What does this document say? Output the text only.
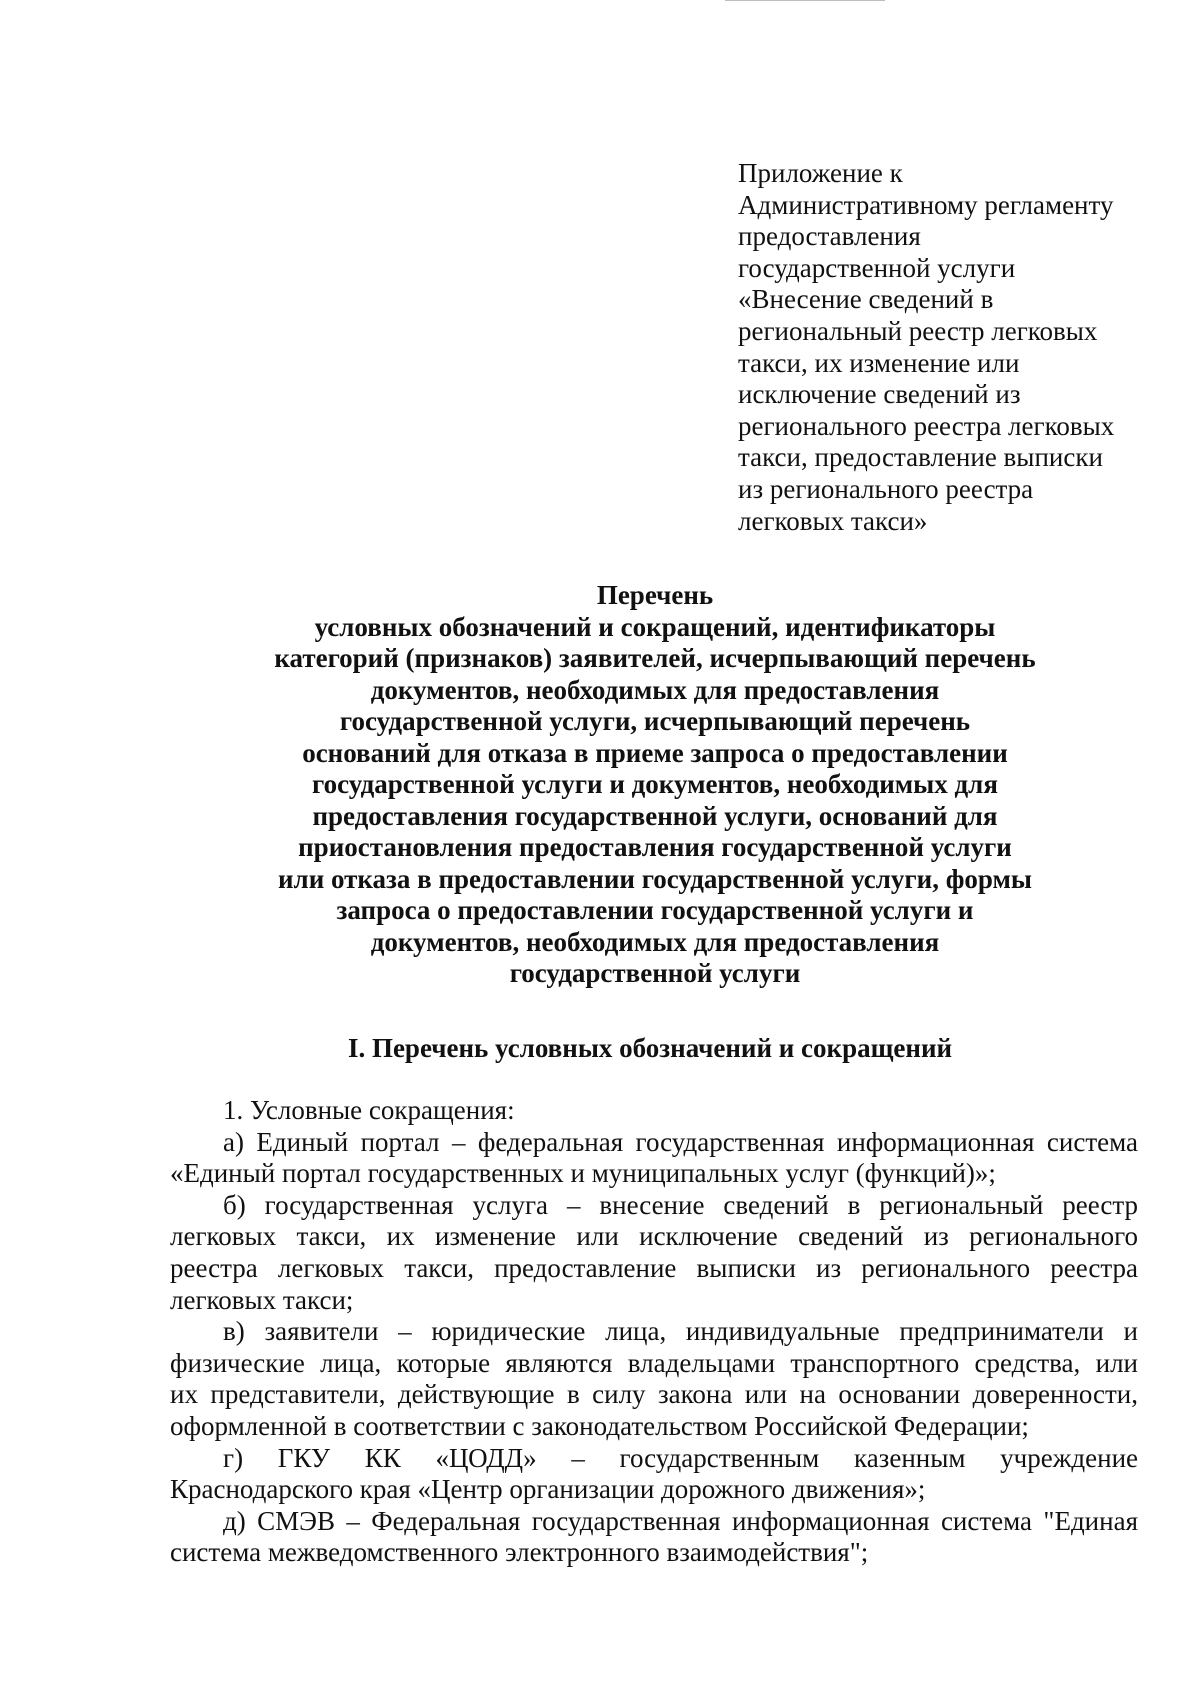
Приложение к
Административному регламенту
предоставления
государственной услуги
«Внесение сведений в
региональный реестр легковых
такси, их изменение или
исключение сведений из
регионального реестра легковых
такси, предоставление выписки
из регионального реестра
легковых такси»
Перечень
условных обозначений и сокращений, идентификаторы
категорий (признаков) заявителей, исчерпывающий перечень
документов, необходимых для предоставления
государственной услуги, исчерпывающий перечень
оснований для отказа в приеме запроса о предоставлении
государственной услуги и документов, необходимых для
предоставления государственной услуги, оснований для
приостановления предоставления государственной услуги
или отказа в предоставлении государственной услуги, формы
запроса о предоставлении государственной услуги и
документов, необходимых для предоставления
государственной услуги
I. Перечень условных обозначений и сокращений
1. Условные сокращения:
а) Единый портал – федеральная государственная информационная система
«Единый портал государственных и муниципальных услуг (функций)»;
б) государственная услуга – внесение сведений в региональный реестр
легковых такси, их изменение или исключение сведений из регионального
реестра легковых такси, предоставление выписки из регионального реестра
легковых такси;
в) заявители – юридические лица, индивидуальные предприниматели и
физические лица, которые являются владельцами транспортного средства, или
их представители, действующие в силу закона или на основании доверенности,
оформленной в соответствии с законодательством Российской Федерации;
г) ГКУ КК «ЦОДД» – государственным казенным учреждение
Краснодарского края «Центр организации дорожного движения»;
д) СМЭВ – Федеральная государственная информационная система "Единая
система межведомственного электронного взаимодействия";
